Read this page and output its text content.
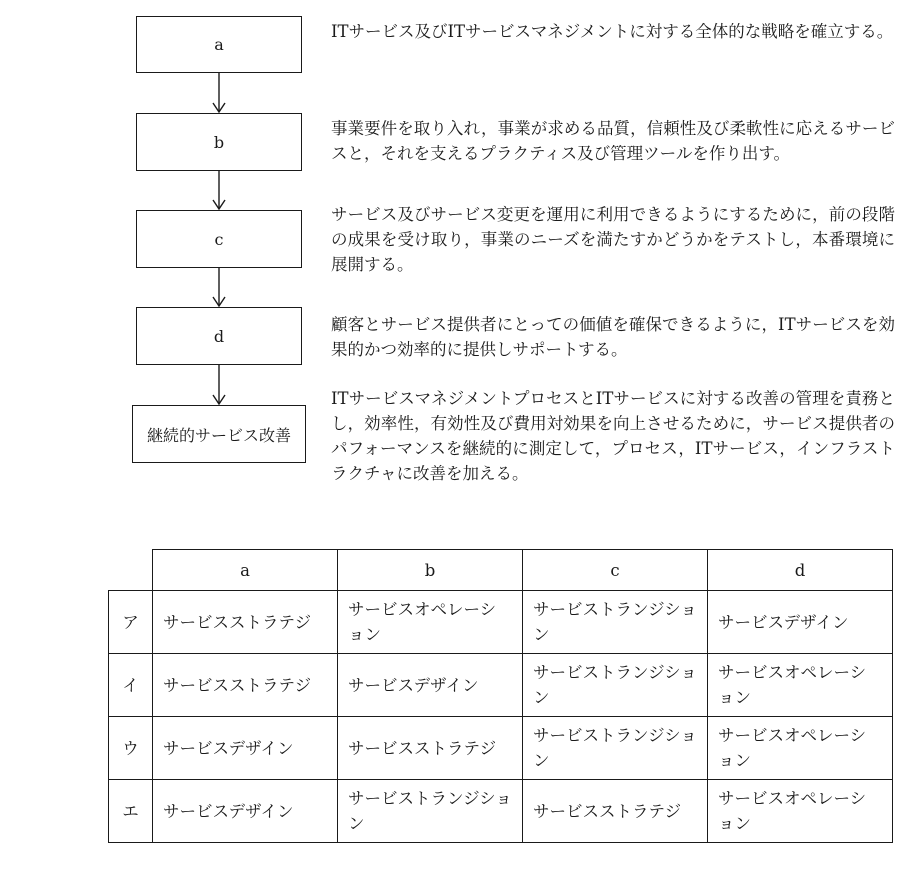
a
b
c
d
継続的サービス改善

ITサービス及びITサービスマネジメントに対する全体的な戦略を確立する。

事業要件を取り入れ，事業が求める品質，信頼性及び柔軟性に応えるサービスと，それを支えるプラクティス及び管理ツールを作り出す。

サービス及びサービス変更を運用に利用できるようにするために，前の段階の成果を受け取り，事業のニーズを満たすかどうかをテストし，本番環境に展開する。

顧客とサービス提供者にとっての価値を確保できるように，ITサービスを効果的かつ効率的に提供しサポートする。

ITサービスマネジメントプロセスとITサービスに対する改善の管理を責務とし，効率性，有効性及び費用対効果を向上させるために，サービス提供者のパフォーマンスを継続的に測定して，プロセス，ITサービス，インフラストラクチャに改善を加える。

	a	b	c	d
ア	サービスストラテジ	サービスオペレーション	サービストランジション	サービスデザイン
イ	サービスストラテジ	サービスデザイン	サービストランジション	サービスオペレーション
ウ	サービスデザイン	サービスストラテジ	サービストランジション	サービスオペレーション
エ	サービスデザイン	サービストランジション	サービスストラテジ	サービスオペレーション
